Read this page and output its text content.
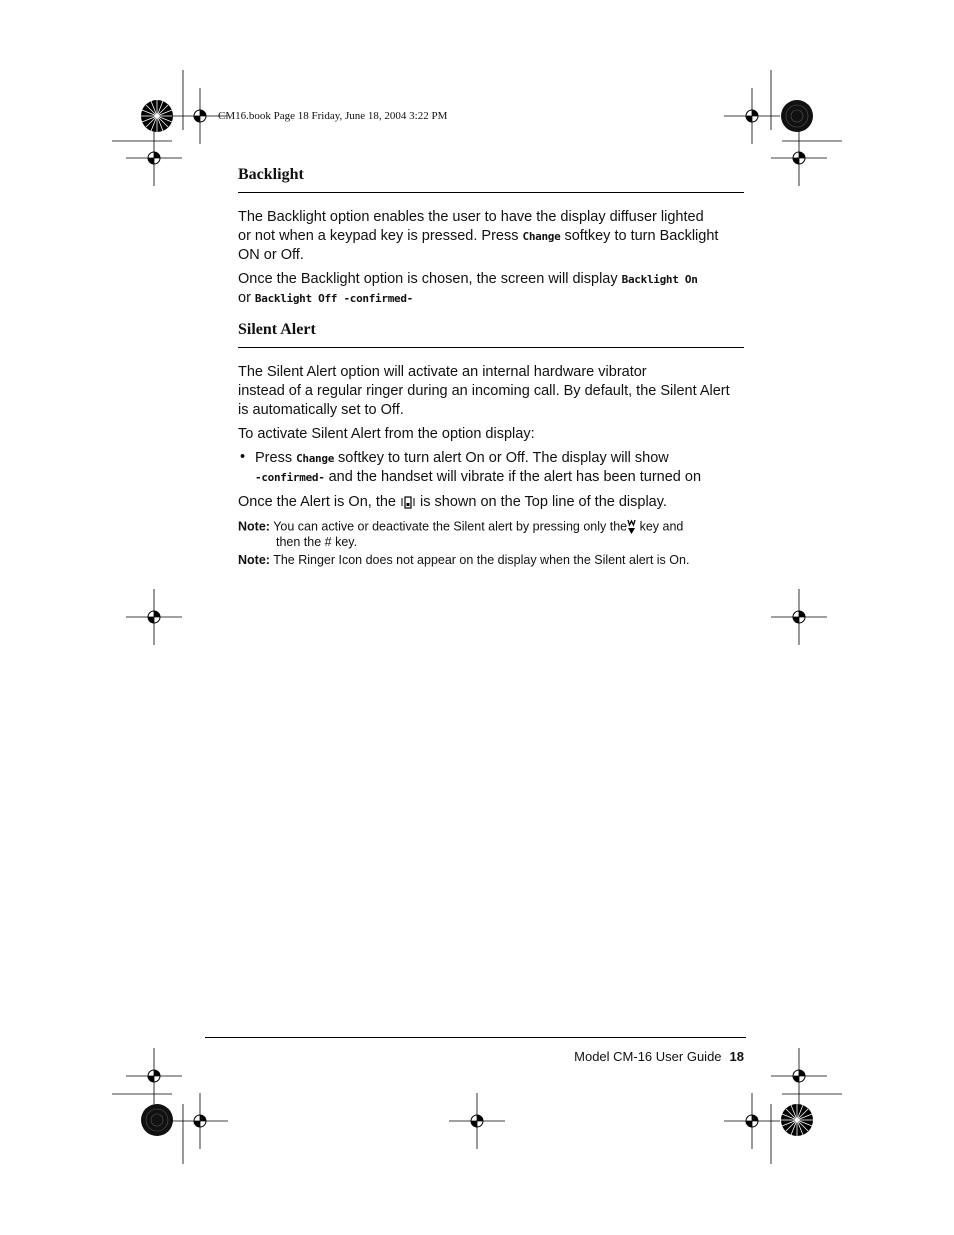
CM16.book Page 18 Friday, June 18, 2004 3:22 PM
Backlight
The Backlight option enables the user to have the display diffuser lighted
or not when a keypad key is pressed. Press Change softkey to turn Backlight
ON or Off.
Once the Backlight option is chosen, the screen will display Backlight On
or Backlight Off -confirmed-
Silent Alert
The Silent Alert option will activate an internal hardware vibrator
instead of a regular ringer during an incoming call. By default, the Silent Alert
is automatically set to Off.
To activate Silent Alert from the option display:
• Press Change softkey to turn alert On or Off. The display will show
-confirmed- and the handset will vibrate if the alert has been turned on
Once the Alert is On, the  is shown on the Top line of the display.
Note: You can active or deactivate the Silent alert by pressing only the key and
then the # key.
Note: The Ringer Icon does not appear on the display when the Silent alert is On.
Model CM-16 User Guide 18
